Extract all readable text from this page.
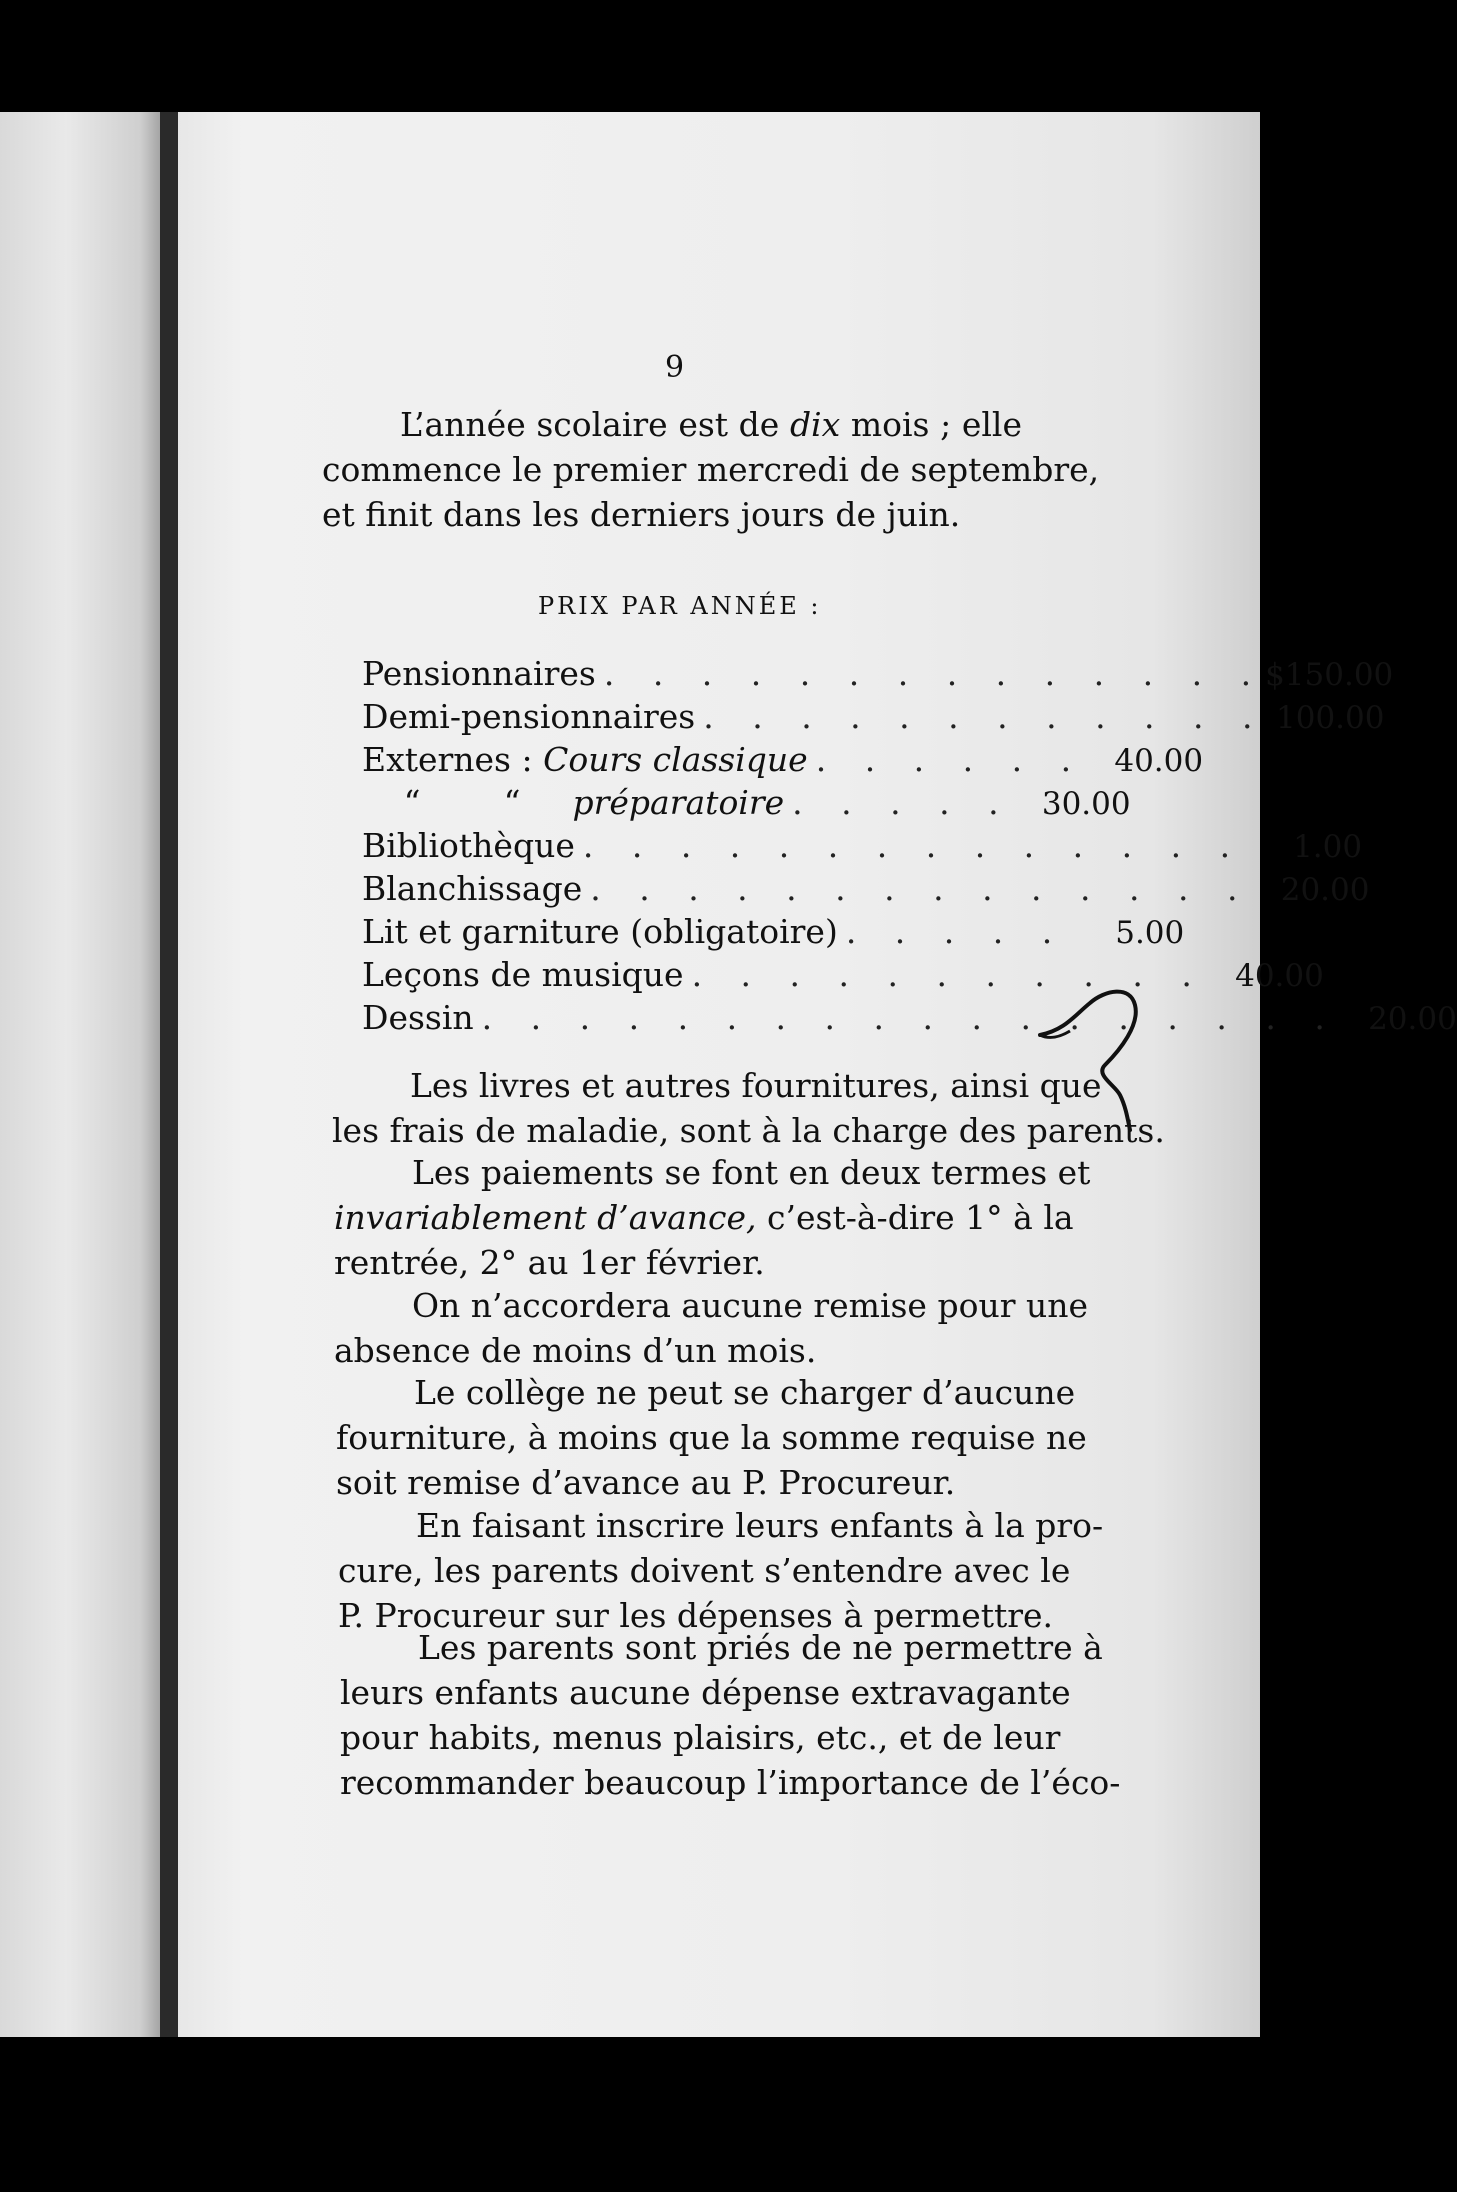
9
L’année scolaire est de dix mois ; elle
commence le premier mercredi de septembre,
et finit dans les derniers jours de juin.
PRIX PAR ANNÉE :
Pensionnaires . . . . . . . . . . . . . . $150.00
Demi-pensionnaires . . . . . . . . . . . . 100.00
Externes : Cours classique . . . . . . 40.00
“	“ préparatoire . . . . . 30.00
Bibliothèque . . . . . . . . . . . . . .	1.00
Blanchissage . . . . . . . . . . . . . . 20.00
Lit et garniture (obligatoire) . . . . .	5.00
Leçons de musique . . . . . . . . . . . 40.00
Dessin . . . . . . . . . . . . . . . . . . 20.00
Les livres et autres fournitures, ainsi que
les frais de maladie, sont à la charge des parents.
Les paiements se font en deux termes et
invariablement d’avance, c’est-à-dire 1° à la
rentrée, 2° au 1er février.
On n’accordera aucune remise pour une
absence de moins d’un mois.
Le collège ne peut se charger d’aucune
fourniture, à moins que la somme requise ne
soit remise d’avance au P. Procureur.
En faisant inscrire leurs enfants à la pro-
cure, les parents doivent s’entendre avec le
P. Procureur sur les dépenses à permettre.
Les parents sont priés de ne permettre à
leurs enfants aucune dépense extravagante
pour habits, menus plaisirs, etc., et de leur
recommander beaucoup l’importance de l’éco-
